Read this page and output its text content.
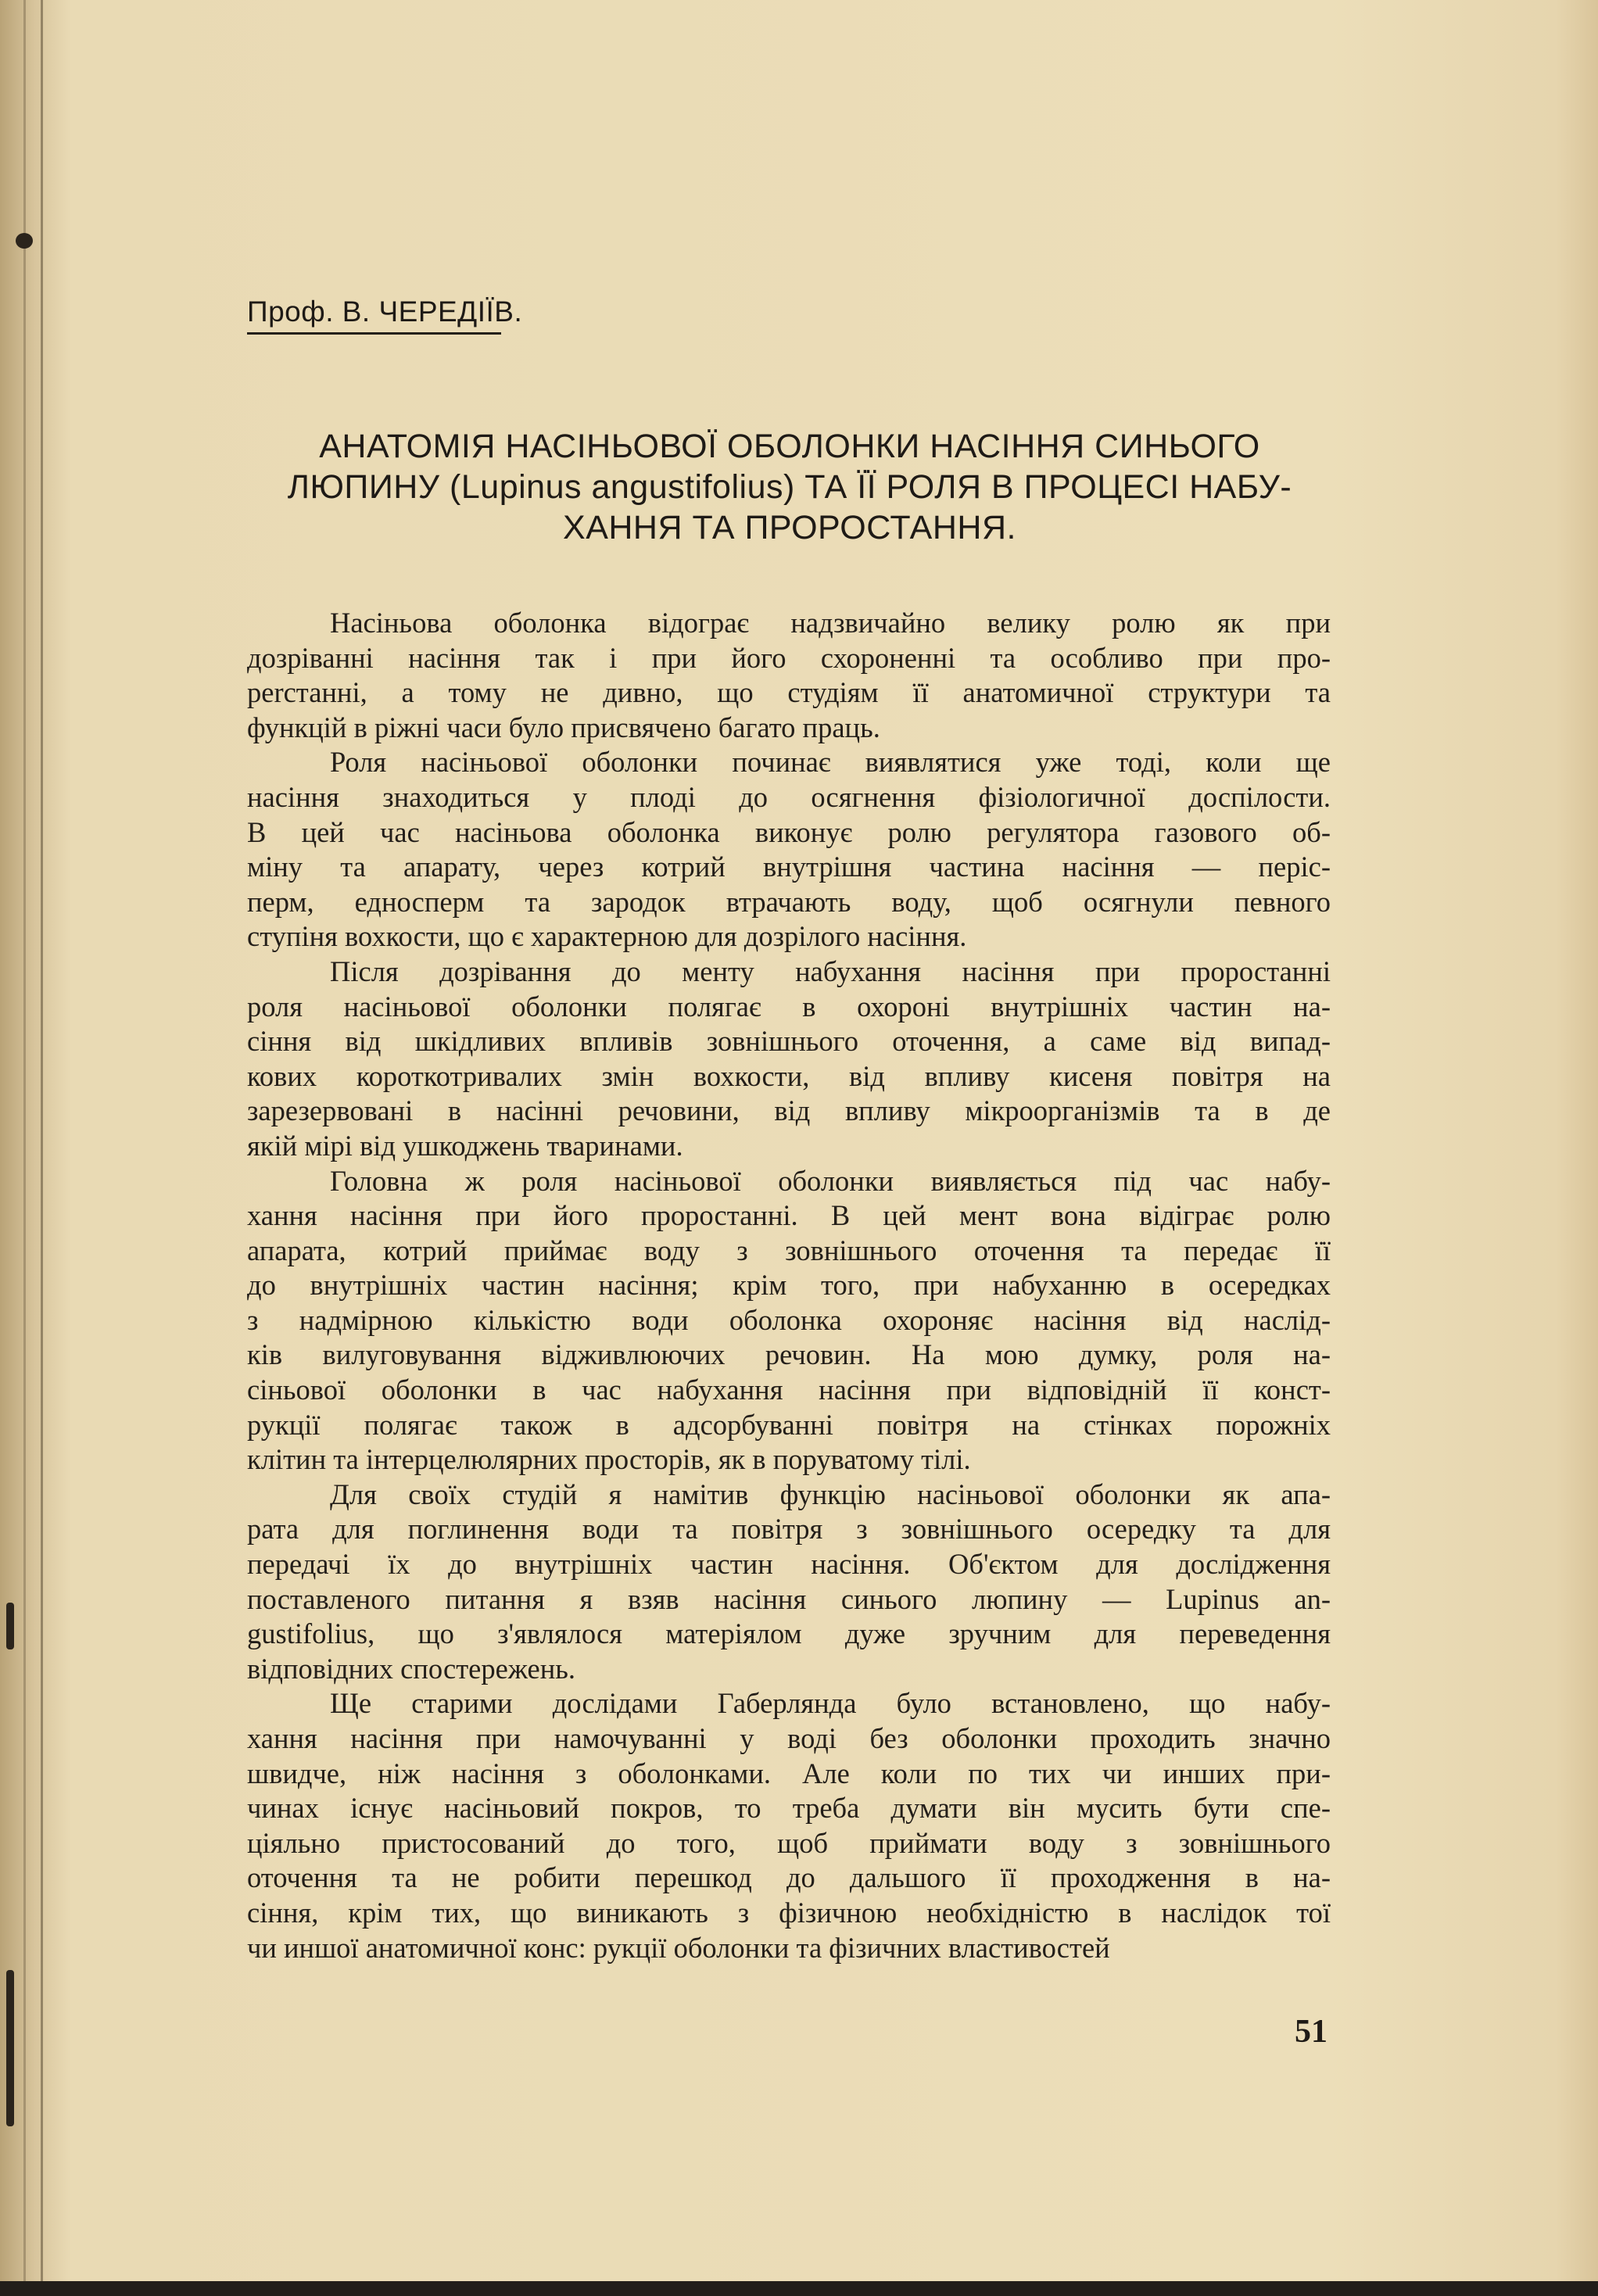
Проф. В. ЧЕРЕДІЇВ.
АНАТОМІЯ НАСІНЬОВОЇ ОБОЛОНКИ НАСІННЯ СИНЬОГО
ЛЮПИНУ (Lupinus angustifolius) ТА ЇЇ РОЛЯ В ПРОЦЕСІ НАБУ-
ХАННЯ ТА ПРОРОСТАННЯ.
Насіньова оболонка відограє надзвичайно велику ролю як при
дозріванні насіння так і при його схороненні та особливо при про-
percтанні, а тому не дивно, що студіям її анатомичної структури та
функцій в ріжні часи було присвячено багато праць.
Роля насіньової оболонки починає виявлятися уже тоді, коли ще
насіння знаходиться у плоді до осягнення фізіологичної доспілости.
В цей час насіньова оболонка виконує ролю регулятора газового об-
міну та апарату, через котрий внутрішня частина насіння — періс-
перм, едносперм та зародок втрачають воду, щоб осягнули певного
ступіня вохкости, що є характерною для дозрілого насіння.
Після дозрівання до менту набухання насіння при проростанні
роля насіньової оболонки полягає в охороні внутрішніх частин на-
сіння від шкідливих впливів зовнішнього оточення, а саме від випад-
кових короткотривалих змін вохкости, від впливу кисеня повітря на
зарезервовані в насінні речовини, від впливу мікроорганізмів та в де
якій мірі від ушкоджень тваринами.
Головна ж роля насіньової оболонки виявляється під час набу-
хання насіння при його проростанні. В цей мент вона відіграє ролю
апарата, котрий приймає воду з зовнішнього оточення та передає її
до внутрішніх частин насіння; крім того, при набуханню в осередках
з надмірною кількістю води оболонка охороняє насіння від наслід-
ків вилуговування відживлюючих речовин. На мою думку, роля на-
сіньової оболонки в час набухання насіння при відповідній її конст-
рукції полягає також в адсорбуванні повітря на стінках порожніх
клітин та інтерцелюлярних просторів, як в поруватому тілі.
Для своїх студій я намітив функцію насіньової оболонки як апа-
рата для поглинення води та повітря з зовнішнього осередку та для
передачі їх до внутрішніх частин насіння. Об'єктом для дослідження
поставленого питання я взяв насіння синього люпину — Lupinus an-
gustifolius, що з'являлося матеріялом дуже зручним для переведення
відповідних спостережень.
Ще старими дослідами Габерлянда було встановлено, що набу-
хання насіння при намочуванні у воді без оболонки проходить значно
швидче, ніж насіння з оболонками. Але коли по тих чи инших при-
чинах існує насіньовий покров, то треба думати він мусить бути спе-
ціяльно пристосований до того, щоб приймати воду з зовнішнього
оточення та не робити перешкод до дальшого її проходження в на-
сіння, крім тих, що виникають з фізичною необхідністю в наслідок тої
чи иншої анатомичної конс: рукції оболонки та фізичних властивостей
51
